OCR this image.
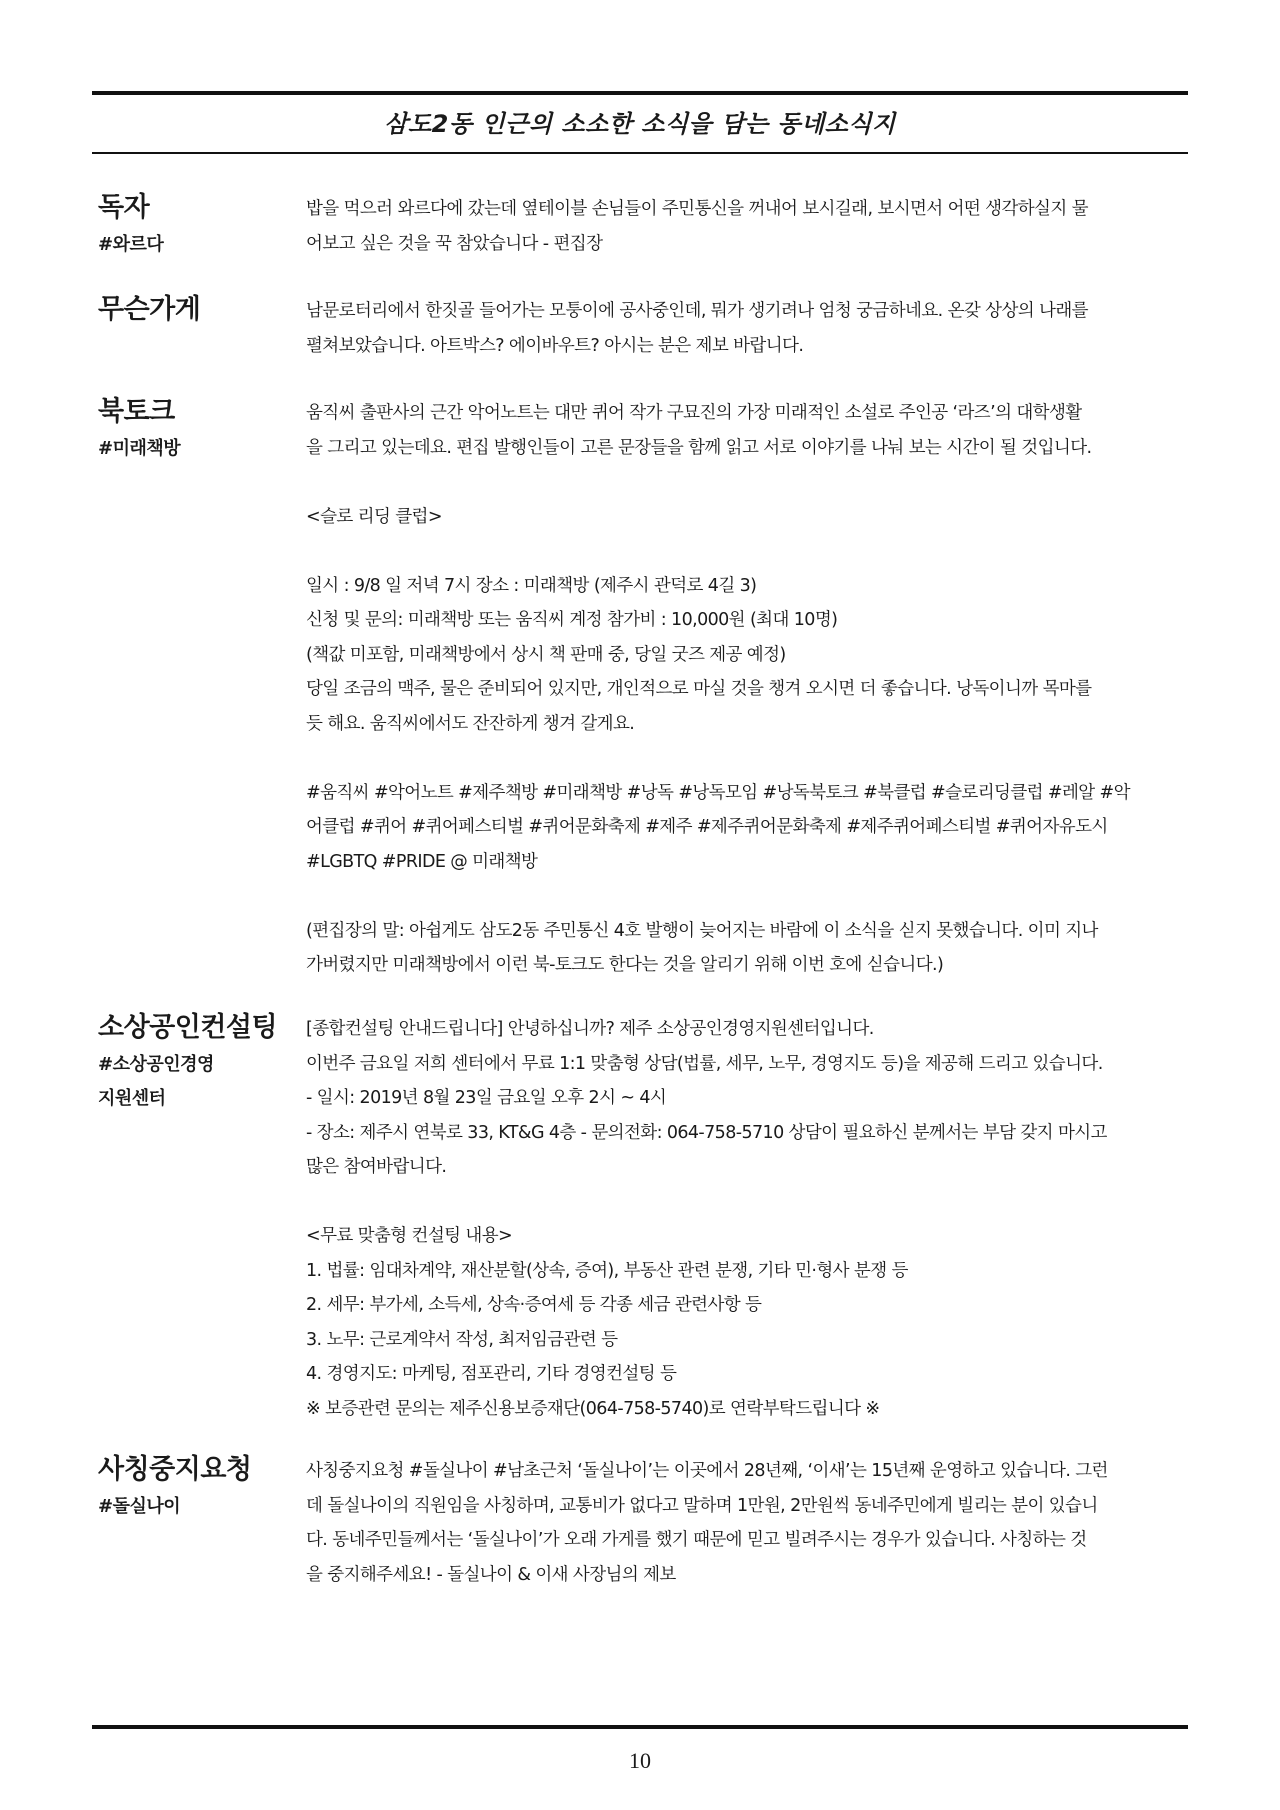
삼도2동 인근의 소소한 소식을 담는 동네소식지
독자
#와르다

밥을 먹으러 와르다에 갔는데 옆테이블 손님들이 주민통신을 꺼내어 보시길래, 보시면서 어떤 생각하실지 물

어보고 싶은 것을 꾹 참았습니다 - 편집장

무슨가게	남문로터리에서 한짓골 들어가는 모퉁이에 공사중인데, 뭐가 생기려나 엄청 궁금하네요. 온갖 상상의 나래를

펼쳐보았습니다. 아트박스? 에이바우트? 아시는 분은 제보 바랍니다.

북토크
#미래책방

움직씨 출판사의 근간 악어노트는 대만 퀴어 작가 구묘진의 가장 미래적인 소설로 주인공 ‘라즈’의 대학생활

을 그리고 있는데요. 편집 발행인들이 고른 문장들을 함께 읽고 서로 이야기를 나눠 보는 시간이 될 것입니다.

<슬로 리딩 클럽>

일시 : 9/8 일 저녁 7시 장소 : 미래책방 (제주시 관덕로 4길 3)

신청 및 문의: 미래책방 또는 움직씨 계정 참가비 : 10,000원 (최대 10명)

(책값 미포함, 미래책방에서 상시 책 판매 중, 당일 굿즈 제공 예정)

당일 조금의 맥주, 물은 준비되어 있지만, 개인적으로 마실 것을 챙겨 오시면 더 좋습니다. 낭독이니까 목마를

듯 해요. 움직씨에서도 잔잔하게 챙겨 갈게요.

#움직씨 #악어노트 #제주책방 #미래책방 #낭독 #낭독모임 #낭독북토크 #북클럽 #슬로리딩클럽 #레알 #악

어클럽 #퀴어 #퀴어페스티벌 #퀴어문화축제 #제주 #제주퀴어문화축제 #제주퀴어페스티벌 #퀴어자유도시

#LGBTQ #PRIDE @ 미래책방

(편집장의 말: 아쉽게도 삼도2동 주민통신 4호 발행이 늦어지는 바람에 이 소식을 싣지 못했습니다. 이미 지나

가버렸지만 미래책방에서 이런 북-토크도 한다는 것을 알리기 위해 이번 호에 싣습니다.)

소상공인컨설팅
#소상공인경영
지원센터

[종합컨설팅 안내드립니다] 안녕하십니까? 제주 소상공인경영지원센터입니다.

이번주 금요일 저희 센터에서 무료 1:1 맞춤형 상담(법률, 세무, 노무, 경영지도 등)을 제공해 드리고 있습니다.

- 일시: 2019년 8월 23일 금요일 오후 2시 ~ 4시

- 장소: 제주시 연북로 33, KT&G 4층 - 문의전화: 064-758-5710 상담이 필요하신 분께서는 부담 갖지 마시고

많은 참여바랍니다.

<무료 맞춤형 컨설팅 내용>

1. 법률: 임대차계약, 재산분할(상속, 증여), 부동산 관련 분쟁, 기타 민·형사 분쟁 등

2. 세무: 부가세, 소득세, 상속·증여세 등 각종 세금 관련사항 등

3. 노무: 근로계약서 작성, 최저임금관련 등

4. 경영지도: 마케팅, 점포관리, 기타 경영컨설팅 등

※ 보증관련 문의는 제주신용보증재단(064-758-5740)로 연락부탁드립니다 ※

사칭중지요청
#돌실나이

사칭중지요청 #돌실나이 #남초근처 ‘돌실나이’는 이곳에서 28년째, ‘이새’는 15년째 운영하고 있습니다. 그런

데 돌실나이의 직원임을 사칭하며, 교통비가 없다고 말하며 1만원, 2만원씩 동네주민에게 빌리는 분이 있습니

다. 동네주민들께서는 ‘돌실나이’가 오래 가게를 했기 때문에 믿고 빌려주시는 경우가 있습니다. 사칭하는 것

을 중지해주세요! - 돌실나이 & 이새 사장님의 제보

10
